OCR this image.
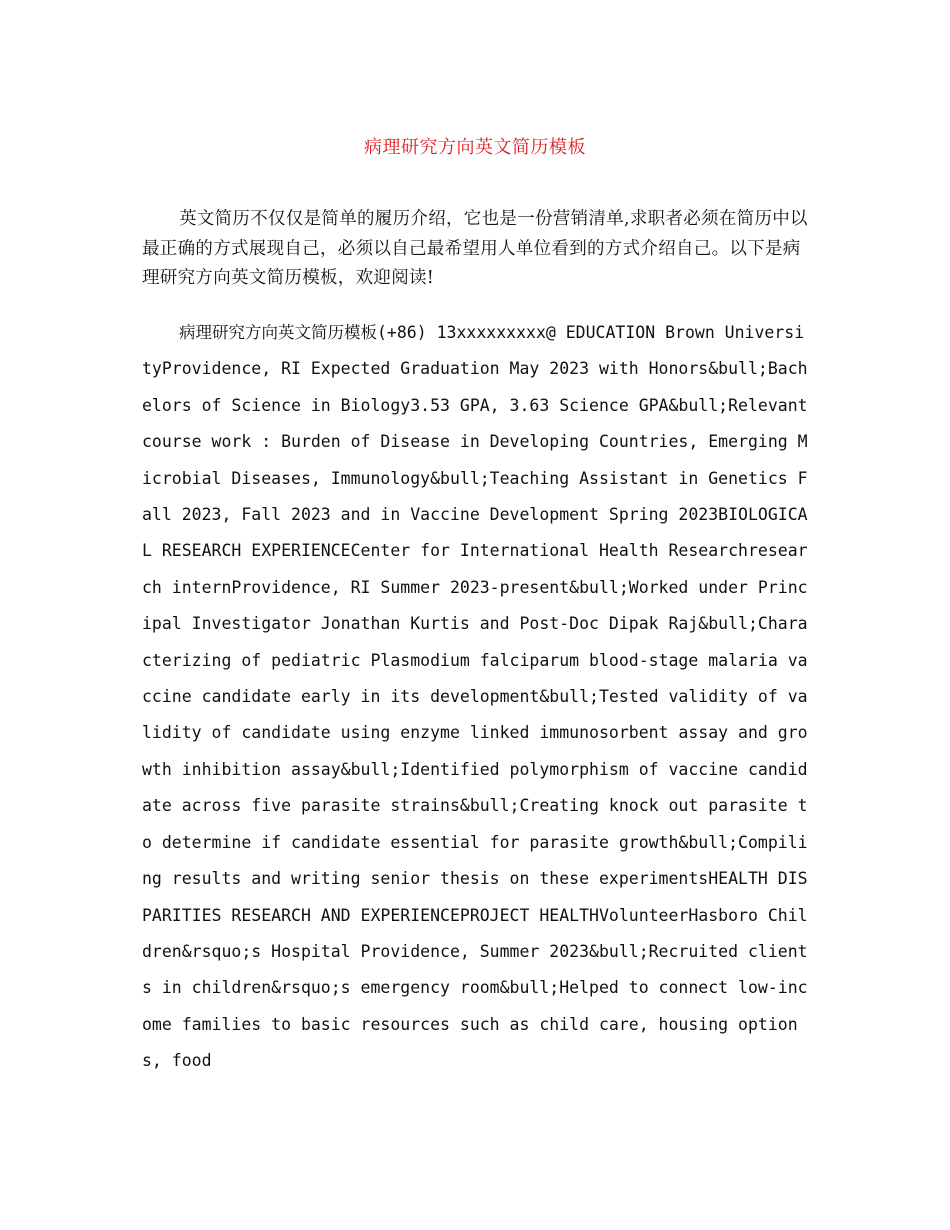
病理研究方向英文简历模板

英文简历不仅仅是简单的履历介绍，它也是一份营销清单,求职者必须在简历中以最正确的方式展现自己，必须以自己最希望用人单位看到的方式介绍自己。以下是病理研究方向英文简历模板，欢迎阅读!

病理研究方向英文简历模板(+86) 13xxxxxxxxx@ EDUCATION Brown UniversityProvidence, RI Expected Graduation May 2023 with Honors&bull;Bachelors of Science in Biology3.53 GPA, 3.63 Science GPA&bull;Relevant course work : Burden of Disease in Developing Countries, Emerging Microbial Diseases, Immunology&bull;Teaching Assistant in Genetics Fall 2023, Fall 2023 and in Vaccine Development Spring 2023BIOLOGICAL RESEARCH EXPERIENCECenter for International Health Researchresearch internProvidence, RI Summer 2023-present&bull;Worked under Principal Investigator Jonathan Kurtis and Post-Doc Dipak Raj&bull;Characterizing of pediatric Plasmodium falciparum blood-stage malaria vaccine candidate early in its development&bull;Tested validity of validity of candidate using enzyme linked immunosorbent assay and growth inhibition assay&bull;Identified polymorphism of vaccine candidate across five parasite strains&bull;Creating knock out parasite to determine if candidate essential for parasite growth&bull;Compiling results and writing senior thesis on these experimentsHEALTH DISPARITIES RESEARCH AND EXPERIENCEPROJECT HEALTHVolunteerHasboro Children&rsquo;s Hospital Providence, Summer 2023&bull;Recruited clients in children&rsquo;s emergency room&bull;Helped to connect low-income families to basic resources such as child care, housing options, food
